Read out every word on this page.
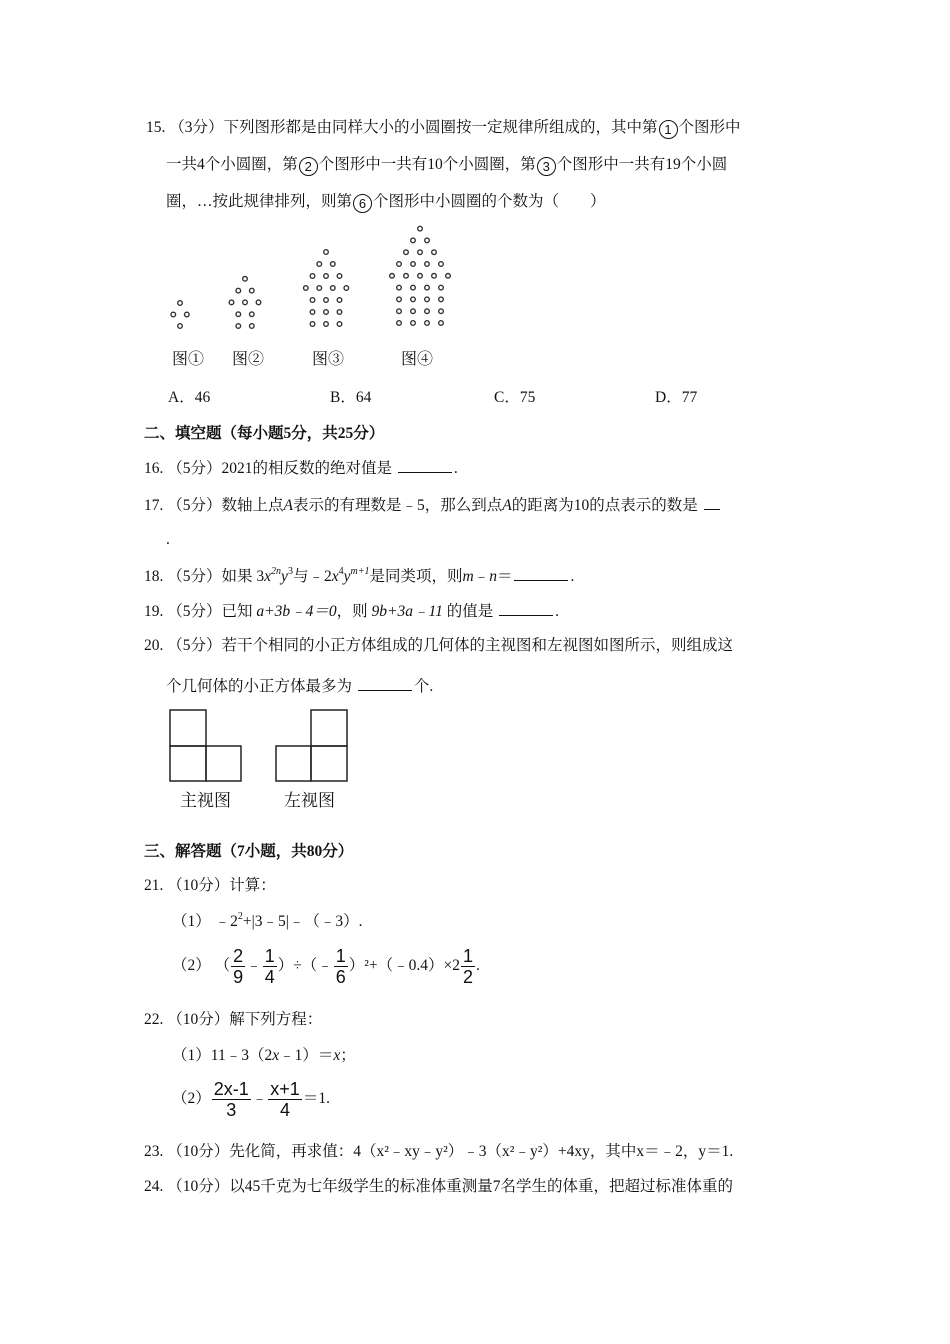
15. （3分）下列图形都是由同样大小的小圆圈按一定规律所组成的，其中第 1 个图形中
一共4个小圆圈，第 2 个图形中一共有10个小圆圈，第 3 个图形中一共有19个小圆
圈，…按此规律排列，则第 6 个图形中小圆圈的个数为（　　）
图① 图②	图③	图④
A．46	B．64	C．75	D．77
二、填空题（每小题5分，共25分）
16. （5分）2021的相反数的绝对值是	.
17. （5分）数轴上点A表示的有理数是﹣5，那么到点A的距离为10的点表示的数是
.
18. （5分）如果 $3x^{2n}y^3$与$﹣2x^4y^{m+1}$是同类项，则m﹣n＝	.
19. （5分）已知 a+3b﹣4＝0，则 9b+3a﹣11 的值是	.
20. （5分）若干个相同的小正方体组成的几何体的主视图和左视图如图所示，则组成这
个几何体的小正方体最多为	个.
主视图	左视图
三、解答题（7小题，共80分）
21. （10分）计算：
（1） $﹣2^2+|3﹣5|﹣(﹣3)$.
（2） （ $\frac{2}{9}$ ﹣ $\frac{1}{4}$ ）÷（﹣ $\frac{1}{6}$ ）²+（﹣0.4）×2 $\frac{1}{2}$ .
22. （10分）解下列方程：
（1）11﹣3（2x﹣1）＝x；
$(2) \frac{2x-1}{3}$ ﹣ $\frac{x+1}{4} =1$.
23. （10分）先化简，再求值：4（x²﹣xy﹣y²）﹣3（x²﹣y²）+4xy，其中x＝﹣2，y＝1.
24. （10分）以45千克为七年级学生的标准体重测量7名学生的体重，把超过标准体重的
